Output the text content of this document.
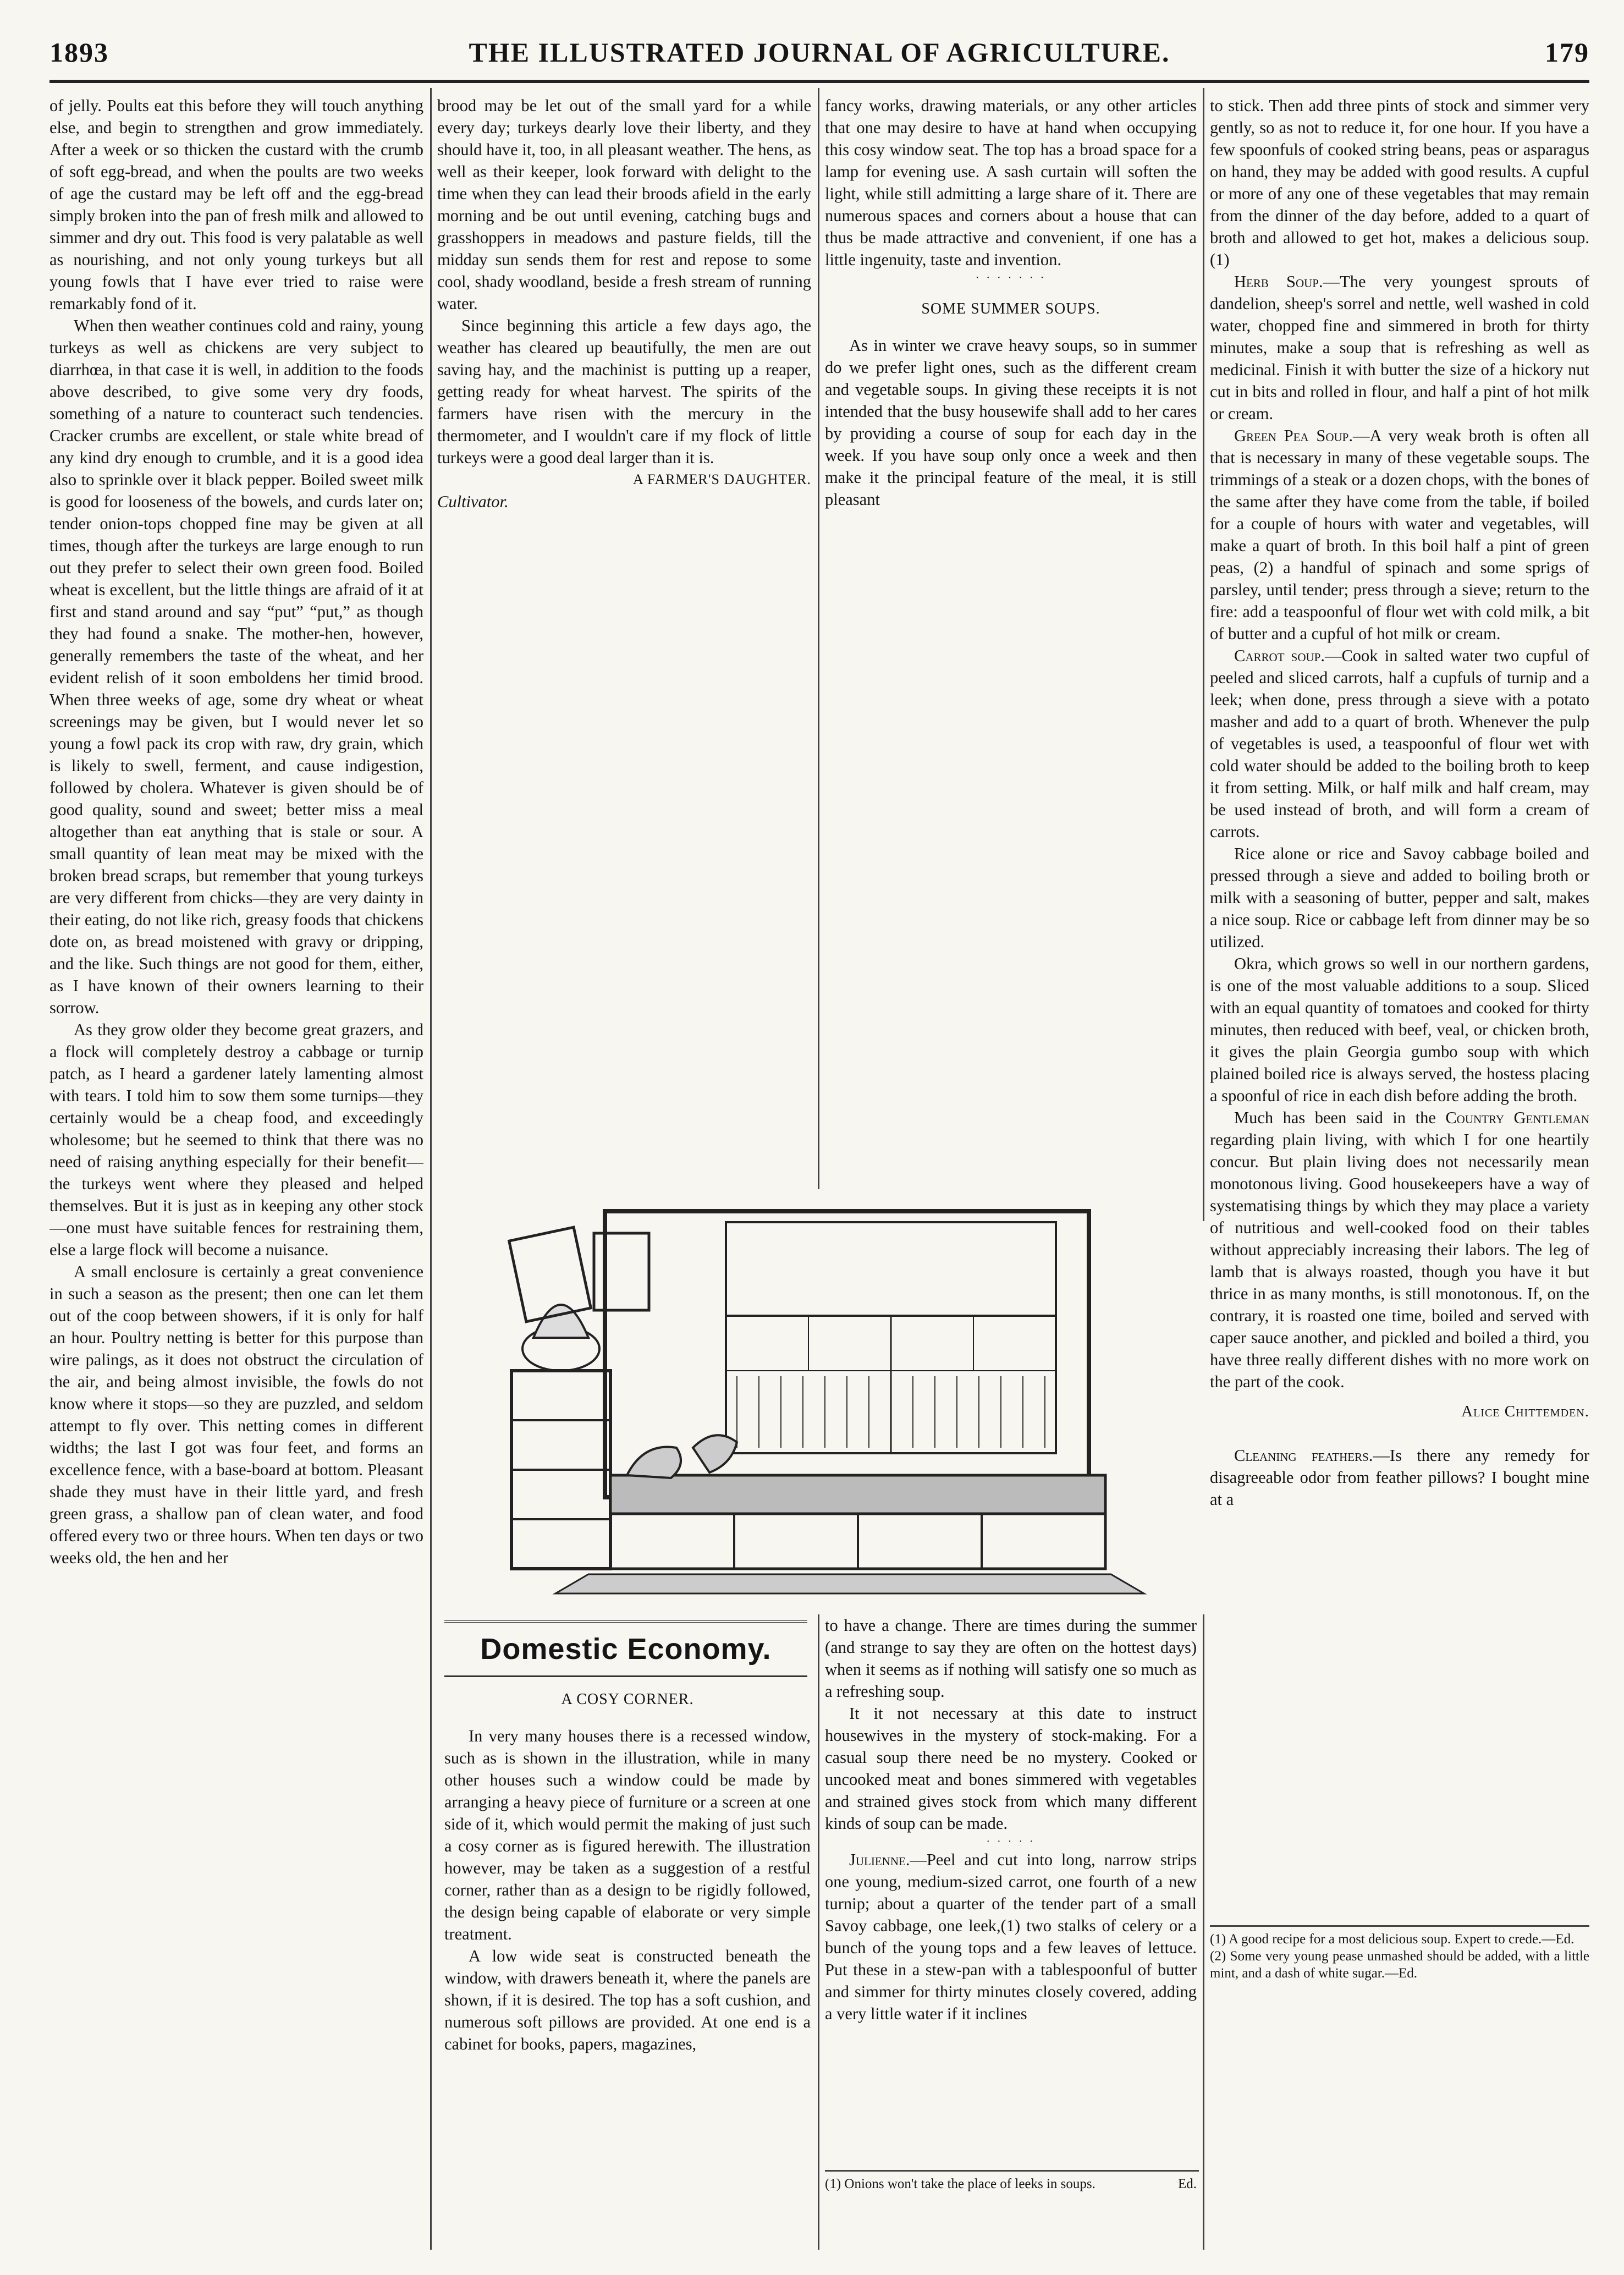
1893	THE ILLUSTRATED JOURNAL OF AGRICULTURE.	179

of jelly. Poults eat this before they will touch anything else, and begin to strengthen and grow immediately. After a week or so thicken the custard with the crumb of soft egg-bread, and when the poults are two weeks of age the custard may be left off and the egg-bread simply broken into the pan of fresh milk and allowed to simmer and dry out. This food is very palatable as well as nourishing, and not only young turkeys but all young fowls that I have ever tried to raise were remarkably fond of it.

When then weather continues cold and rainy, young turkeys as well as chickens are very subject to diarrhœa, in that case it is well, in addition to the foods above described, to give some very dry foods, something of a nature to counteract such tendencies. Cracker crumbs are excellent, or stale white bread of any kind dry enough to crumble, and it is a good idea also to sprinkle over it black pepper. Boiled sweet milk is good for looseness of the bowels, and curds later on; tender onion-tops chopped fine may be given at all times, though after the turkeys are large enough to run out they prefer to select their own green food. Boiled wheat is excellent, but the little things are afraid of it at first and stand around and say “put” “put,” as though they had found a snake. The mother-hen, however, generally remembers the taste of the wheat, and her evident relish of it soon emboldens her timid brood. When three weeks of age, some dry wheat or wheat screenings may be given, but I would never let so young a fowl pack its crop with raw, dry grain, which is likely to swell, ferment, and cause indigestion, followed by cholera. Whatever is given should be of good quality, sound and sweet; better miss a meal altogether than eat anything that is stale or sour. A small quantity of lean meat may be mixed with the broken bread scraps, but remember that young turkeys are very different from chicks—they are very dainty in their eating, do not like rich, greasy foods that chickens dote on, as bread moistened with gravy or dripping, and the like. Such things are not good for them, either, as I have known of their owners learning to their sorrow.

As they grow older they become great grazers, and a flock will completely destroy a cabbage or turnip patch, as I heard a gardener lately lamenting almost with tears. I told him to sow them some turnips—they certainly would be a cheap food, and exceedingly wholesome; but he seemed to think that there was no need of raising anything especially for their benefit—the turkeys went where they pleased and helped themselves. But it is just as in keeping any other stock—one must have suitable fences for restraining them, else a large flock will become a nuisance.

A small enclosure is certainly a great convenience in such a season as the present; then one can let them out of the coop between showers, if it is only for half an hour. Poultry netting is better for this purpose than wire palings, as it does not obstruct the circulation of the air, and being almost invisible, the fowls do not know where it stops—so they are puzzled, and seldom attempt to fly over. This netting comes in different widths; the last I got was four feet, and forms an excellence fence, with a base-board at bottom. Pleasant shade they must have in their little yard, and fresh green grass, a shallow pan of clean water, and food offered every two or three hours. When ten days or two weeks old, the hen and her

brood may be let out of the small yard for a while every day; turkeys dearly love their liberty, and they should have it, too, in all pleasant weather. The hens, as well as their keeper, look forward with delight to the time when they can lead their broods afield in the early morning and be out until evening, catching bugs and grasshoppers in meadows and pasture fields, till the midday sun sends them for rest and repose to some cool, shady woodland, beside a fresh stream of running water.

Since beginning this article a few days ago, the weather has cleared up beautifully, the men are out saving hay, and the machinist is putting up a reaper, getting ready for wheat harvest. The spirits of the farmers have risen with the mercury in the thermometer, and I wouldn't care if my flock of little turkeys were a good deal larger than it is.

A FARMER'S DAUGHTER.
Cultivator.

fancy works, drawing materials, or any other articles that one may desire to have at hand when occupying this cosy window seat. The top has a broad space for a lamp for evening use. A sash curtain will soften the light, while still admitting a large share of it. There are numerous spaces and corners about a house that can thus be made attractive and convenient, if one has a little ingenuity, taste and invention.

· · · · · · ·
SOME SUMMER SOUPS.

As in winter we crave heavy soups, so in summer do we prefer light ones, such as the different cream and vegetable soups. In giving these receipts it is not intended that the busy housewife shall add to her cares by providing a course of soup for each day in the week. If you have soup only once a week and then make it the principal feature of the meal, it is still pleasant

Domestic Economy.
A COSY CORNER.

In very many houses there is a recessed window, such as is shown in the illustration, while in many other houses such a window could be made by arranging a heavy piece of furniture or a screen at one side of it, which would permit the making of just such a cosy corner as is figured herewith. The illustration however, may be taken as a suggestion of a restful corner, rather than as a design to be rigidly followed, the design being capable of elaborate or very simple treatment.

A low wide seat is constructed beneath the window, with drawers beneath it, where the panels are shown, if it is desired. The top has a soft cushion, and numerous soft pillows are provided. At one end is a cabinet for books, papers, magazines,

to have a change. There are times during the summer (and strange to say they are often on the hottest days) when it seems as if nothing will satisfy one so much as a refreshing soup.

It it not necessary at this date to instruct housewives in the mystery of stock-making. For a casual soup there need be no mystery. Cooked or uncooked meat and bones simmered with vegetables and strained gives stock from which many different kinds of soup can be made.

· · · · ·

Julienne.—Peel and cut into long, narrow strips one young, medium-sized carrot, one fourth of a new turnip; about a quarter of the tender part of a small Savoy cabbage, one leek,(1) two stalks of celery or a bunch of the young tops and a few leaves of lettuce. Put these in a stew-pan with a tablespoonful of butter and simmer for thirty minutes closely covered, adding a very little water if it inclines

(1) Onions won't take the place of leeks in soups.	Ed.

to stick. Then add three pints of stock and simmer very gently, so as not to reduce it, for one hour. If you have a few spoonfuls of cooked string beans, peas or asparagus on hand, they may be added with good results. A cupful or more of any one of these vegetables that may remain from the dinner of the day before, added to a quart of broth and allowed to get hot, makes a delicious soup. (1)

Herb Soup.—The very youngest sprouts of dandelion, sheep's sorrel and nettle, well washed in cold water, chopped fine and simmered in broth for thirty minutes, make a soup that is refreshing as well as medicinal. Finish it with butter the size of a hickory nut cut in bits and rolled in flour, and half a pint of hot milk or cream.

Green Pea Soup.—A very weak broth is often all that is necessary in many of these vegetable soups. The trimmings of a steak or a dozen chops, with the bones of the same after they have come from the table, if boiled for a couple of hours with water and vegetables, will make a quart of broth. In this boil half a pint of green peas, (2) a handful of spinach and some sprigs of parsley, until tender; press through a sieve; return to the fire: add a teaspoonful of flour wet with cold milk, a bit of butter and a cupful of hot milk or cream.

Carrot soup.—Cook in salted water two cupful of peeled and sliced carrots, half a cupfuls of turnip and a leek; when done, press through a sieve with a potato masher and add to a quart of broth. Whenever the pulp of vegetables is used, a teaspoonful of flour wet with cold water should be added to the boiling broth to keep it from setting. Milk, or half milk and half cream, may be used instead of broth, and will form a cream of carrots.

Rice alone or rice and Savoy cabbage boiled and pressed through a sieve and added to boiling broth or milk with a seasoning of butter, pepper and salt, makes a nice soup. Rice or cabbage left from dinner may be so utilized.

Okra, which grows so well in our northern gardens, is one of the most valuable additions to a soup. Sliced with an equal quantity of tomatoes and cooked for thirty minutes, then reduced with beef, veal, or chicken broth, it gives the plain Georgia gumbo soup with which plained boiled rice is always served, the hostess placing a spoonful of rice in each dish before adding the broth.

Much has been said in the Country Gentleman regarding plain living, with which I for one heartily concur. But plain living does not necessarily mean monotonous living. Good housekeepers have a way of systematising things by which they may place a variety of nutritious and well-cooked food on their tables without appreciably increasing their labors. The leg of lamb that is always roasted, though you have it but thrice in as many months, is still monotonous. If, on the contrary, it is roasted one time, boiled and served with caper sauce another, and pickled and boiled a third, you have three really different dishes with no more work on the part of the cook.

Alice Chittemden.

Cleaning feathers.—Is there any remedy for disagreeable odor from feather pillows? I bought mine at a

(1) A good recipe for a most delicious soup. Expert to crede.—Ed.
(2) Some very young pease unmashed should be added, with a little mint, and a dash of white sugar.—Ed.
